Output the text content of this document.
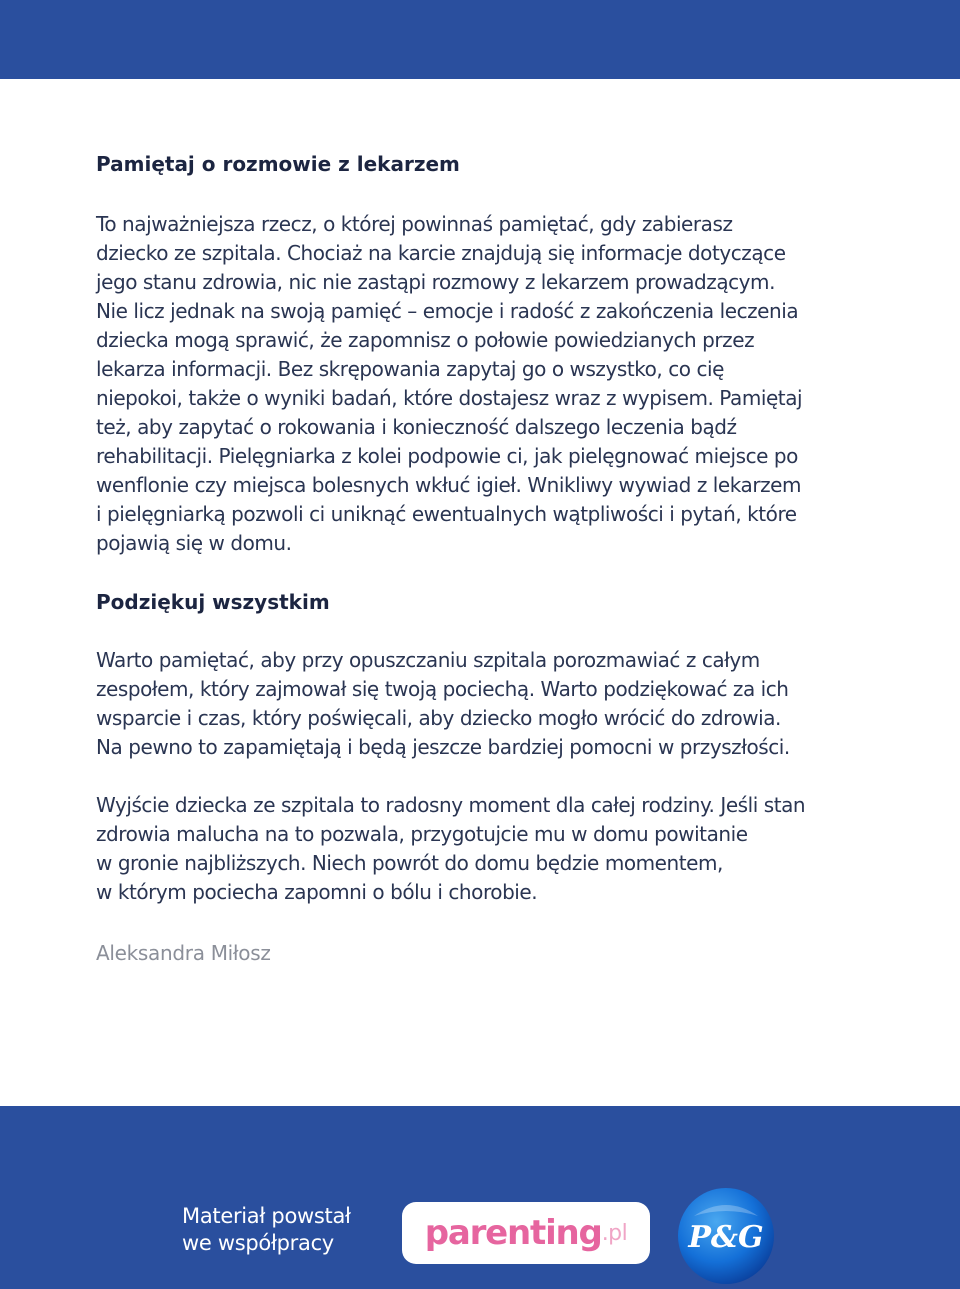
Pamiętaj o rozmowie z lekarzem
To najważniejsza rzecz, o której powinnaś pamiętać, gdy zabierasz
dziecko ze szpitala. Chociaż na karcie znajdują się informacje dotyczące
jego stanu zdrowia, nic nie zastąpi rozmowy z lekarzem prowadzącym.
Nie licz jednak na swoją pamięć – emocje i radość z zakończenia leczenia
dziecka mogą sprawić, że zapomnisz o połowie powiedzianych przez
lekarza informacji. Bez skrępowania zapytaj go o wszystko, co cię
niepokoi, także o wyniki badań, które dostajesz wraz z wypisem. Pamiętaj
też, aby zapytać o rokowania i konieczność dalszego leczenia bądź
rehabilitacji. Pielęgniarka z kolei podpowie ci, jak pielęgnować miejsce po
wenflonie czy miejsca bolesnych wkłuć igieł. Wnikliwy wywiad z lekarzem
i pielęgniarką pozwoli ci uniknąć ewentualnych wątpliwości i pytań, które
pojawią się w domu.
Podziękuj wszystkim
Warto pamiętać, aby przy opuszczaniu szpitala porozmawiać z całym
zespołem, który zajmował się twoją pociechą. Warto podziękować za ich
wsparcie i czas, który poświęcali, aby dziecko mogło wrócić do zdrowia.
Na pewno to zapamiętają i będą jeszcze bardziej pomocni w przyszłości.
Wyjście dziecka ze szpitala to radosny moment dla całej rodziny. Jeśli stan
zdrowia malucha na to pozwala, przygotujcie mu w domu powitanie
w gronie najbliższych. Niech powrót do domu będzie momentem,
w którym pociecha zapomni o bólu i chorobie.
Aleksandra Miłosz
Materiał powstał
we współpracy	parenting .pl P&G
